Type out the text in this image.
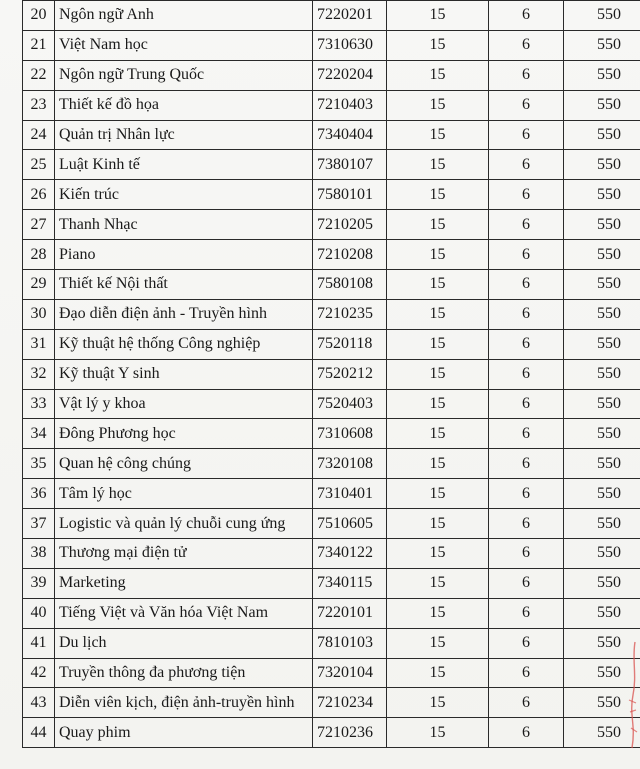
20	Ngôn ngữ Anh	7220201	15	6	550
21	Việt Nam học	7310630	15	6	550
22	Ngôn ngữ Trung Quốc	7220204	15	6	550
23	Thiết kế đồ họa	7210403	15	6	550
24	Quản trị Nhân lực	7340404	15	6	550
25	Luật Kinh tế	7380107	15	6	550
26	Kiến trúc	7580101	15	6	550
27	Thanh Nhạc	7210205	15	6	550
28	Piano	7210208	15	6	550
29	Thiết kế Nội thất	7580108	15	6	550
30	Đạo diễn điện ảnh - Truyền hình	7210235	15	6	550
31	Kỹ thuật hệ thống Công nghiệp	7520118	15	6	550
32	Kỹ thuật Y sinh	7520212	15	6	550
33	Vật lý y khoa	7520403	15	6	550
34	Đông Phương học	7310608	15	6	550
35	Quan hệ công chúng	7320108	15	6	550
36	Tâm lý học	7310401	15	6	550
37	Logistic và quản lý chuỗi cung ứng	7510605	15	6	550
38	Thương mại điện tử	7340122	15	6	550
39	Marketing	7340115	15	6	550
40	Tiếng Việt và Văn hóa Việt Nam	7220101	15	6	550
41	Du lịch	7810103	15	6	550
42	Truyền thông đa phương tiện	7320104	15	6	550
43	Diễn viên kịch, điện ảnh-truyền hình	7210234	15	6	550
44	Quay phim	7210236	15	6	550
